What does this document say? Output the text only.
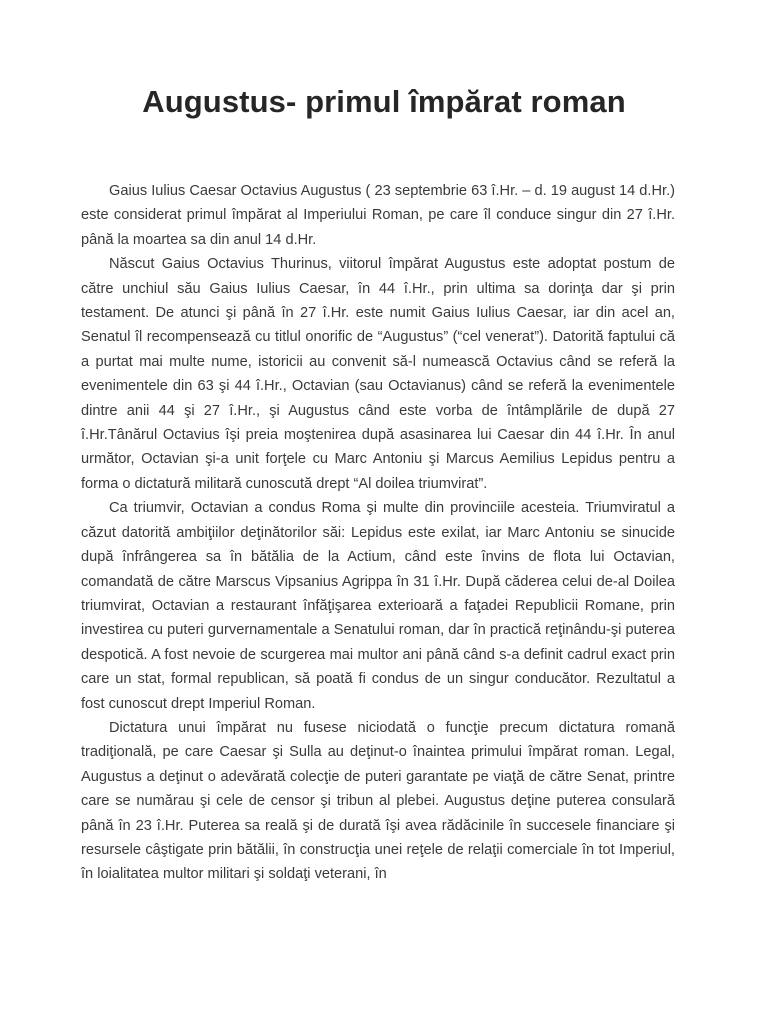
Augustus- primul împărat roman

Gaius Iulius Caesar Octavius Augustus ( 23 septembrie 63 î.Hr. – d. 19 august 14 d.Hr.) este considerat primul împărat al Imperiului Roman, pe care îl conduce singur din 27 î.Hr. până la moartea sa din anul 14 d.Hr.

Născut Gaius Octavius Thurinus, viitorul împărat Augustus este adoptat postum de către unchiul său Gaius Iulius Caesar, în 44 î.Hr., prin ultima sa dorinţa dar şi prin testament. De atunci şi până în 27 î.Hr. este numit Gaius Iulius Caesar, iar din acel an, Senatul îl recompensează cu titlul onorific de “Augustus” (“cel venerat”). Datorită faptului că a purtat mai multe nume, istoricii au convenit să-l numească Octavius când se referă la evenimentele din 63 şi 44 î.Hr., Octavian (sau Octavianus) când se referă la evenimentele dintre anii 44 şi 27 î.Hr., şi Augustus când este vorba de întâmplările de după 27 î.Hr.Tânărul Octavius îşi preia moştenirea după asasinarea lui Caesar din 44 î.Hr. În anul următor, Octavian şi-a unit forţele cu Marc Antoniu şi Marcus Aemilius Lepidus pentru a forma o dictatură militară cunoscută drept “Al doilea triumvirat”.

Ca triumvir, Octavian a condus Roma şi multe din provinciile acesteia. Triumviratul a căzut datorită ambiţiilor deţinătorilor săi: Lepidus este exilat, iar Marc Antoniu se sinucide după înfrângerea sa în bătălia de la Actium, când este învins de flota lui Octavian, comandată de către Marscus Vipsanius Agrippa în 31 î.Hr. După căderea celui de-al Doilea triumvirat, Octavian a restaurant înfăţişarea exterioară a faţadei Republicii Romane, prin investirea cu puteri gurvernamentale a Senatului roman, dar în practică reţinându-şi puterea despotică. A fost nevoie de scurgerea mai multor ani până când s-a definit cadrul exact prin care un stat, formal republican, să poată fi condus de un singur conducător. Rezultatul a fost cunoscut drept Imperiul Roman.

Dictatura unui împărat nu fusese niciodată o funcţie precum dictatura romană tradiţională, pe care Caesar şi Sulla au deţinut-o înaintea primului împărat roman. Legal, Augustus a deţinut o adevărată colecţie de puteri garantate pe viaţă de către Senat, printre care se numărau şi cele de censor şi tribun al plebei. Augustus deţine puterea consulară până în 23 î.Hr. Puterea sa reală şi de durată îşi avea rădăcinile în succesele financiare şi resursele câştigate prin bătălii, în construcţia unei reţele de relaţii comerciale în tot Imperiul, în loialitatea multor militari şi soldaţi veterani, în
